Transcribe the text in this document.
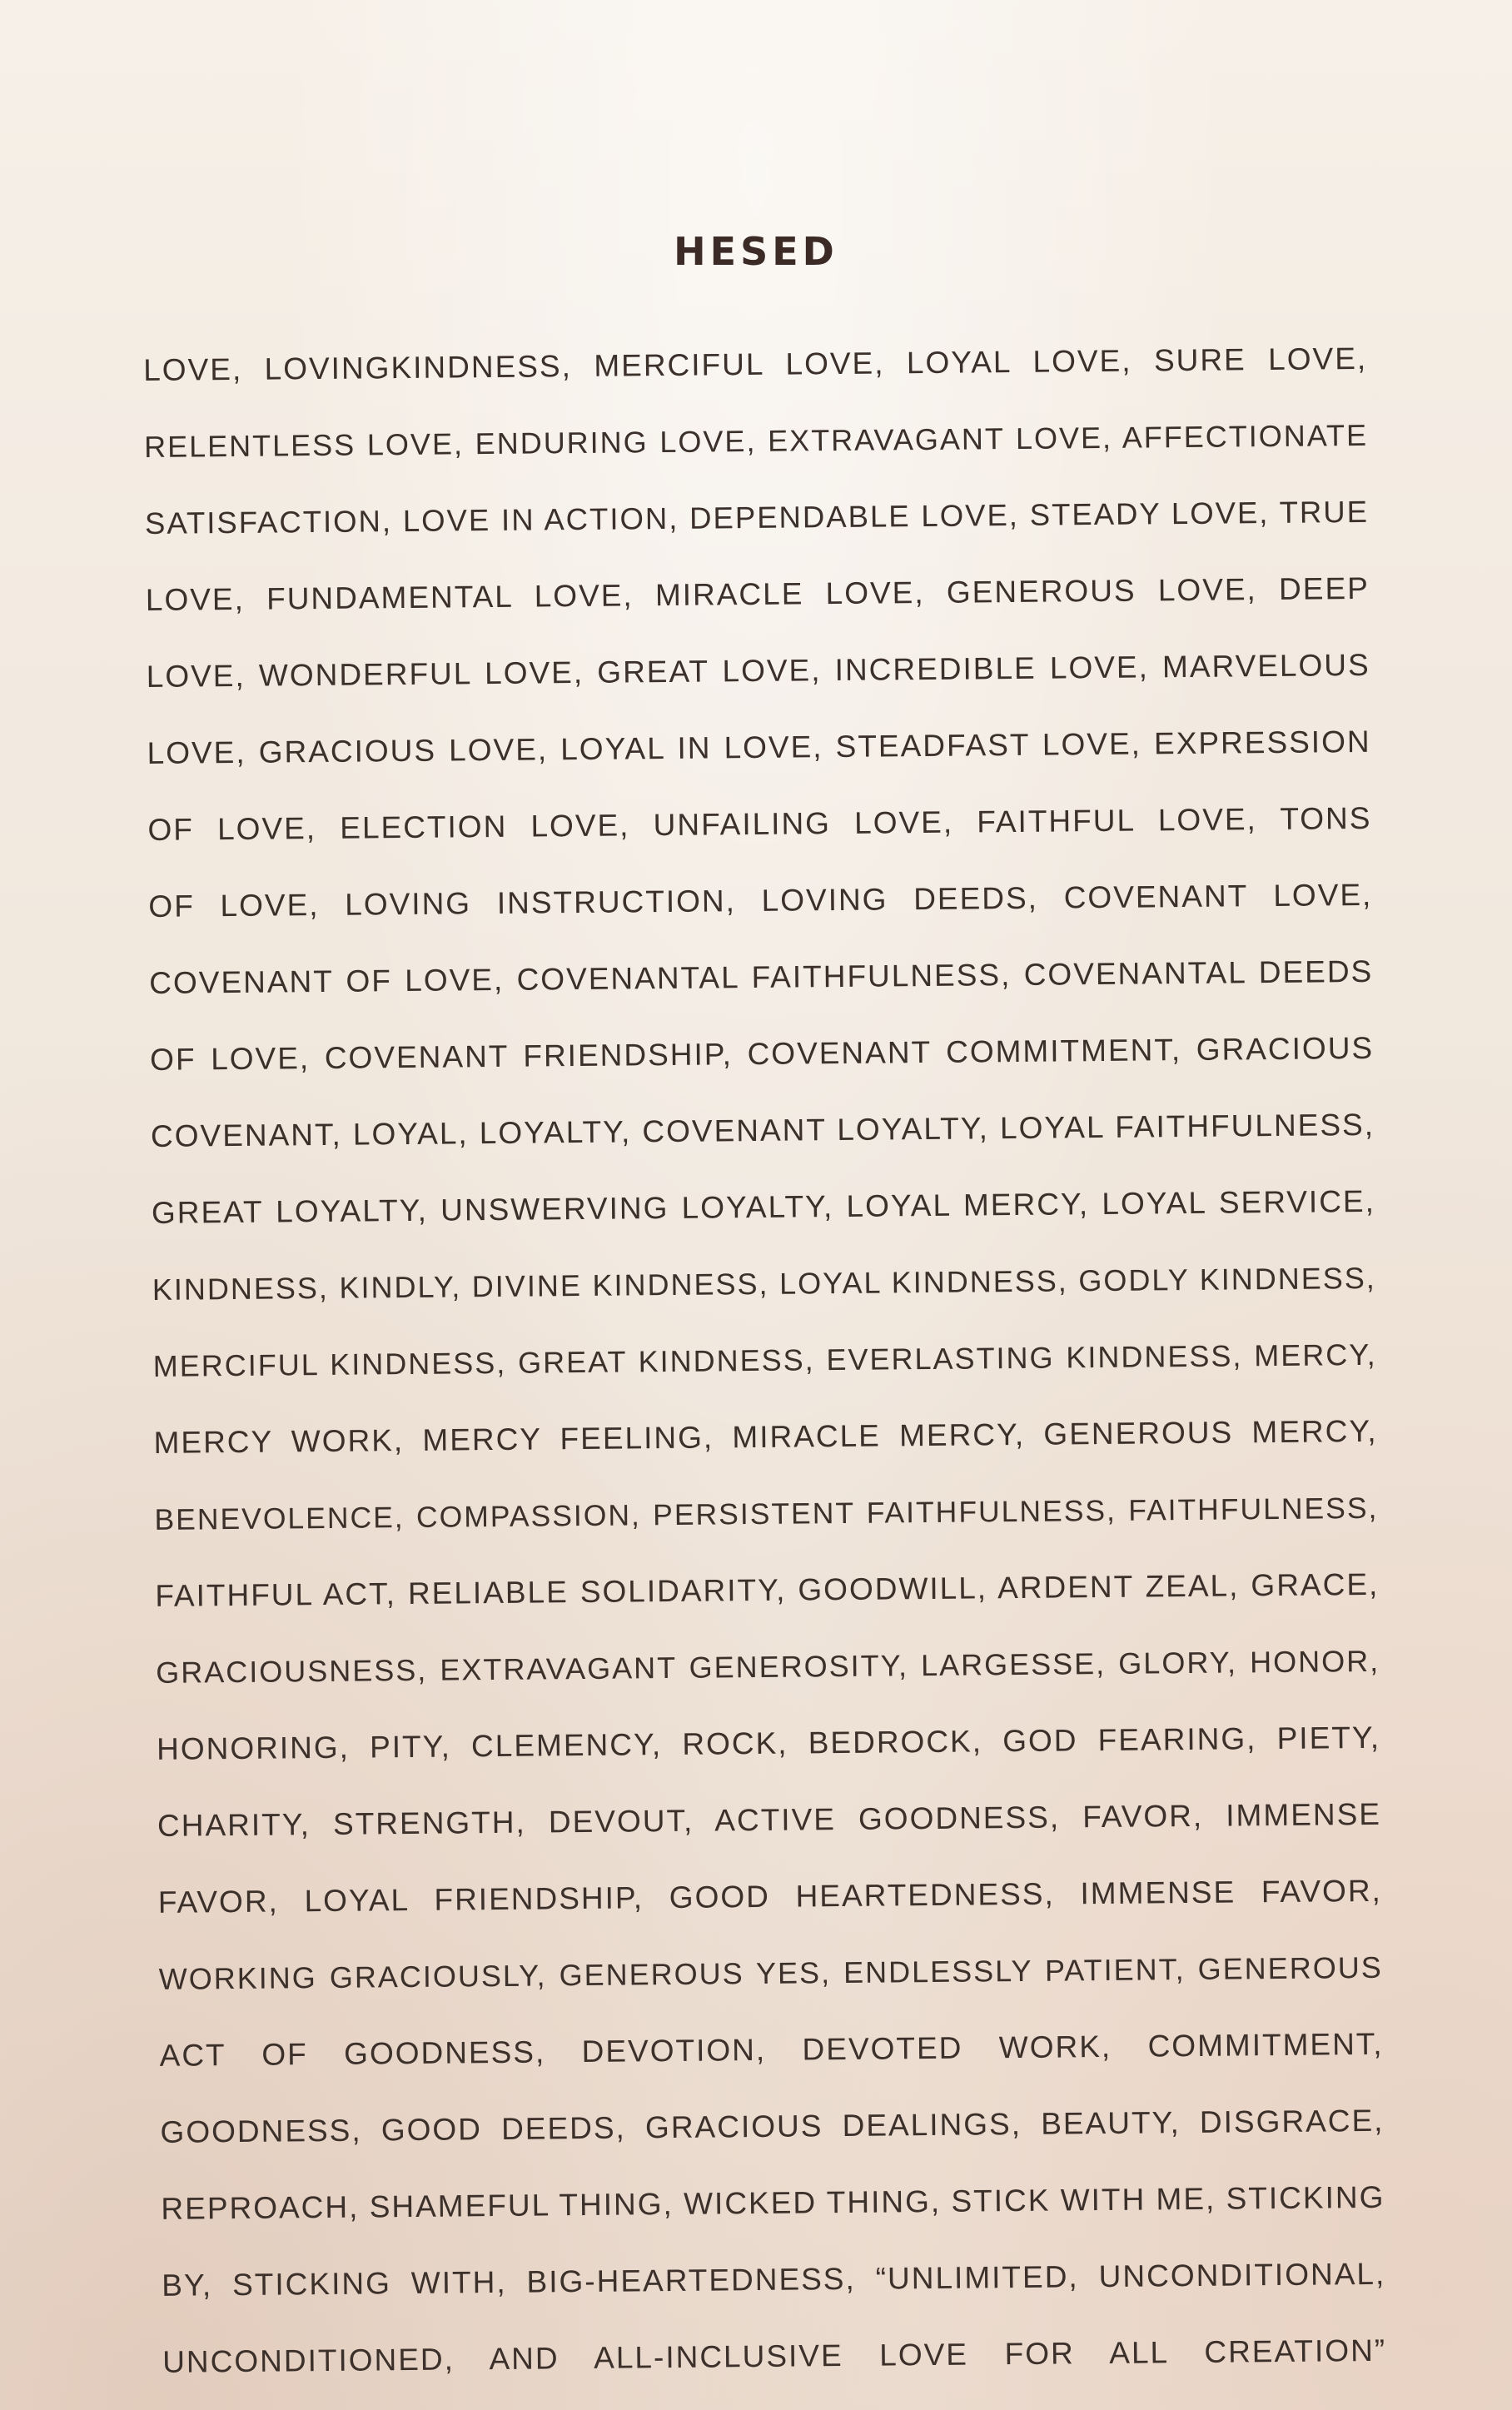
HESED
LOVE, LOVINGKINDNESS, MERCIFUL LOVE, LOYAL LOVE, SURE LOVE,
RELENTLESS LOVE, ENDURING LOVE, EXTRAVAGANT LOVE, AFFECTIONATE
SATISFACTION, LOVE IN ACTION, DEPENDABLE LOVE, STEADY LOVE, TRUE
LOVE, FUNDAMENTAL LOVE, MIRACLE LOVE, GENEROUS LOVE, DEEP
LOVE, WONDERFUL LOVE, GREAT LOVE, INCREDIBLE LOVE, MARVELOUS
LOVE, GRACIOUS LOVE, LOYAL IN LOVE, STEADFAST LOVE, EXPRESSION
OF LOVE, ELECTION LOVE, UNFAILING LOVE, FAITHFUL LOVE, TONS
OF LOVE, LOVING INSTRUCTION, LOVING DEEDS, COVENANT LOVE,
COVENANT OF LOVE, COVENANTAL FAITHFULNESS, COVENANTAL DEEDS
OF LOVE, COVENANT FRIENDSHIP, COVENANT COMMITMENT, GRACIOUS
COVENANT, LOYAL, LOYALTY, COVENANT LOYALTY, LOYAL FAITHFULNESS,
GREAT LOYALTY, UNSWERVING LOYALTY, LOYAL MERCY, LOYAL SERVICE,
KINDNESS, KINDLY, DIVINE KINDNESS, LOYAL KINDNESS, GODLY KINDNESS,
MERCIFUL KINDNESS, GREAT KINDNESS, EVERLASTING KINDNESS, MERCY,
MERCY WORK, MERCY FEELING, MIRACLE MERCY, GENEROUS MERCY,
BENEVOLENCE, COMPASSION, PERSISTENT FAITHFULNESS, FAITHFULNESS,
FAITHFUL ACT, RELIABLE SOLIDARITY, GOODWILL, ARDENT ZEAL, GRACE,
GRACIOUSNESS, EXTRAVAGANT GENEROSITY, LARGESSE, GLORY, HONOR,
HONORING, PITY, CLEMENCY, ROCK, BEDROCK, GOD FEARING, PIETY,
CHARITY, STRENGTH, DEVOUT, ACTIVE GOODNESS, FAVOR, IMMENSE
FAVOR, LOYAL FRIENDSHIP, GOOD HEARTEDNESS, IMMENSE FAVOR,
WORKING GRACIOUSLY, GENEROUS YES, ENDLESSLY PATIENT, GENEROUS
ACT OF GOODNESS, DEVOTION, DEVOTED WORK, COMMITMENT,
GOODNESS, GOOD DEEDS, GRACIOUS DEALINGS, BEAUTY, DISGRACE,
REPROACH, SHAMEFUL THING, WICKED THING, STICK WITH ME, STICKING
BY, STICKING WITH, BIG-HEARTEDNESS, “UNLIMITED, UNCONDITIONAL,
UNCONDITIONED, AND ALL-INCLUSIVE LOVE FOR ALL CREATION”
